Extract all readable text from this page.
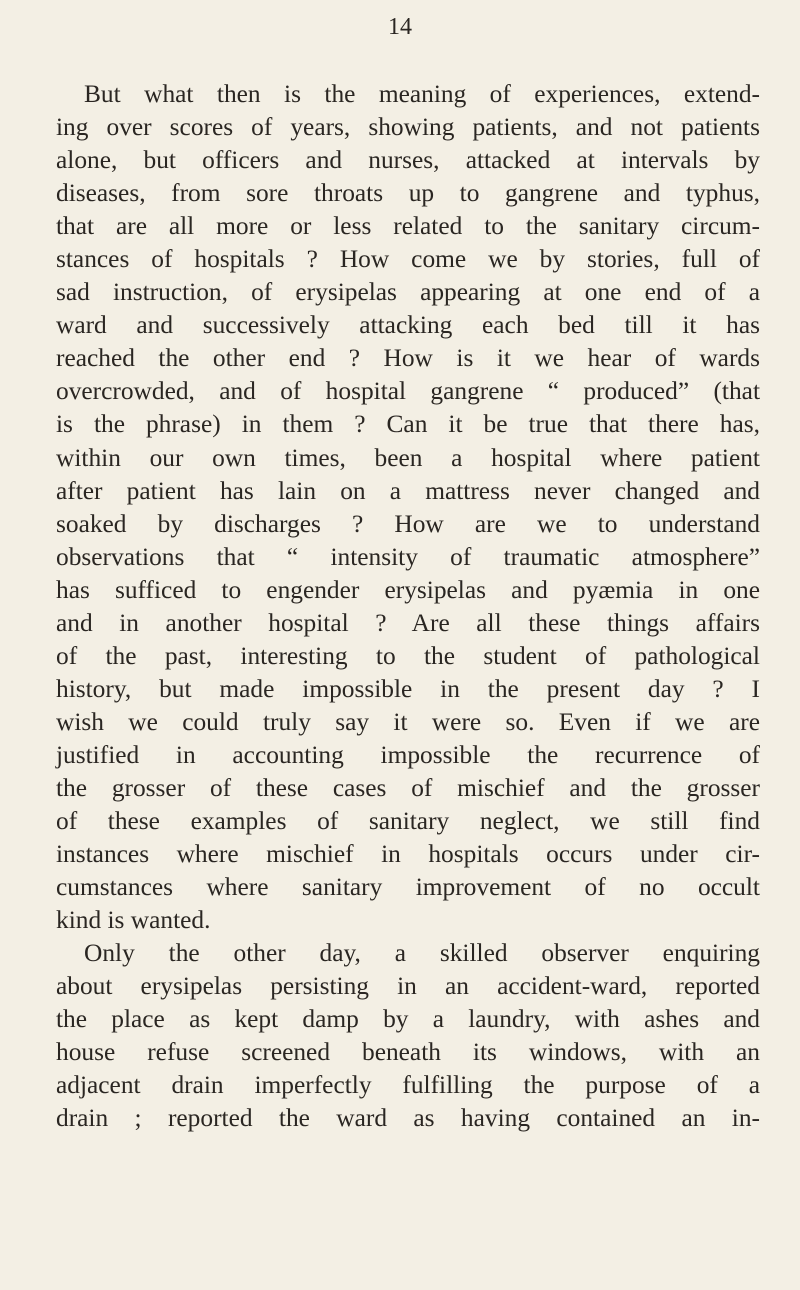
14
But what then is the meaning of experiences, extend-
ing over scores of years, showing patients, and not patients
alone, but officers and nurses, attacked at intervals by
diseases, from sore throats up to gangrene and typhus,
that are all more or less related to the sanitary circum-
stances of hospitals ? How come we by stories, full of
sad instruction, of erysipelas appearing at one end of a
ward and successively attacking each bed till it has
reached the other end ? How is it we hear of wards
overcrowded, and of hospital gangrene “ produced” (that
is the phrase) in them ? Can it be true that there has,
within our own times, been a hospital where patient
after patient has lain on a mattress never changed and
soaked by discharges ? How are we to understand
observations that “ intensity of traumatic atmosphere”
has sufficed to engender erysipelas and pyæmia in one
and in another hospital ? Are all these things affairs
of the past, interesting to the student of pathological
history, but made impossible in the present day ? I
wish we could truly say it were so. Even if we are
justified in accounting impossible the recurrence of
the grosser of these cases of mischief and the grosser
of these examples of sanitary neglect, we still find
instances where mischief in hospitals occurs under cir-
cumstances where sanitary improvement of no occult
kind is wanted.
Only the other day, a skilled observer enquiring
about erysipelas persisting in an accident-ward, reported
the place as kept damp by a laundry, with ashes and
house refuse screened beneath its windows, with an
adjacent drain imperfectly fulfilling the purpose of a
drain ; reported the ward as having contained an in-
